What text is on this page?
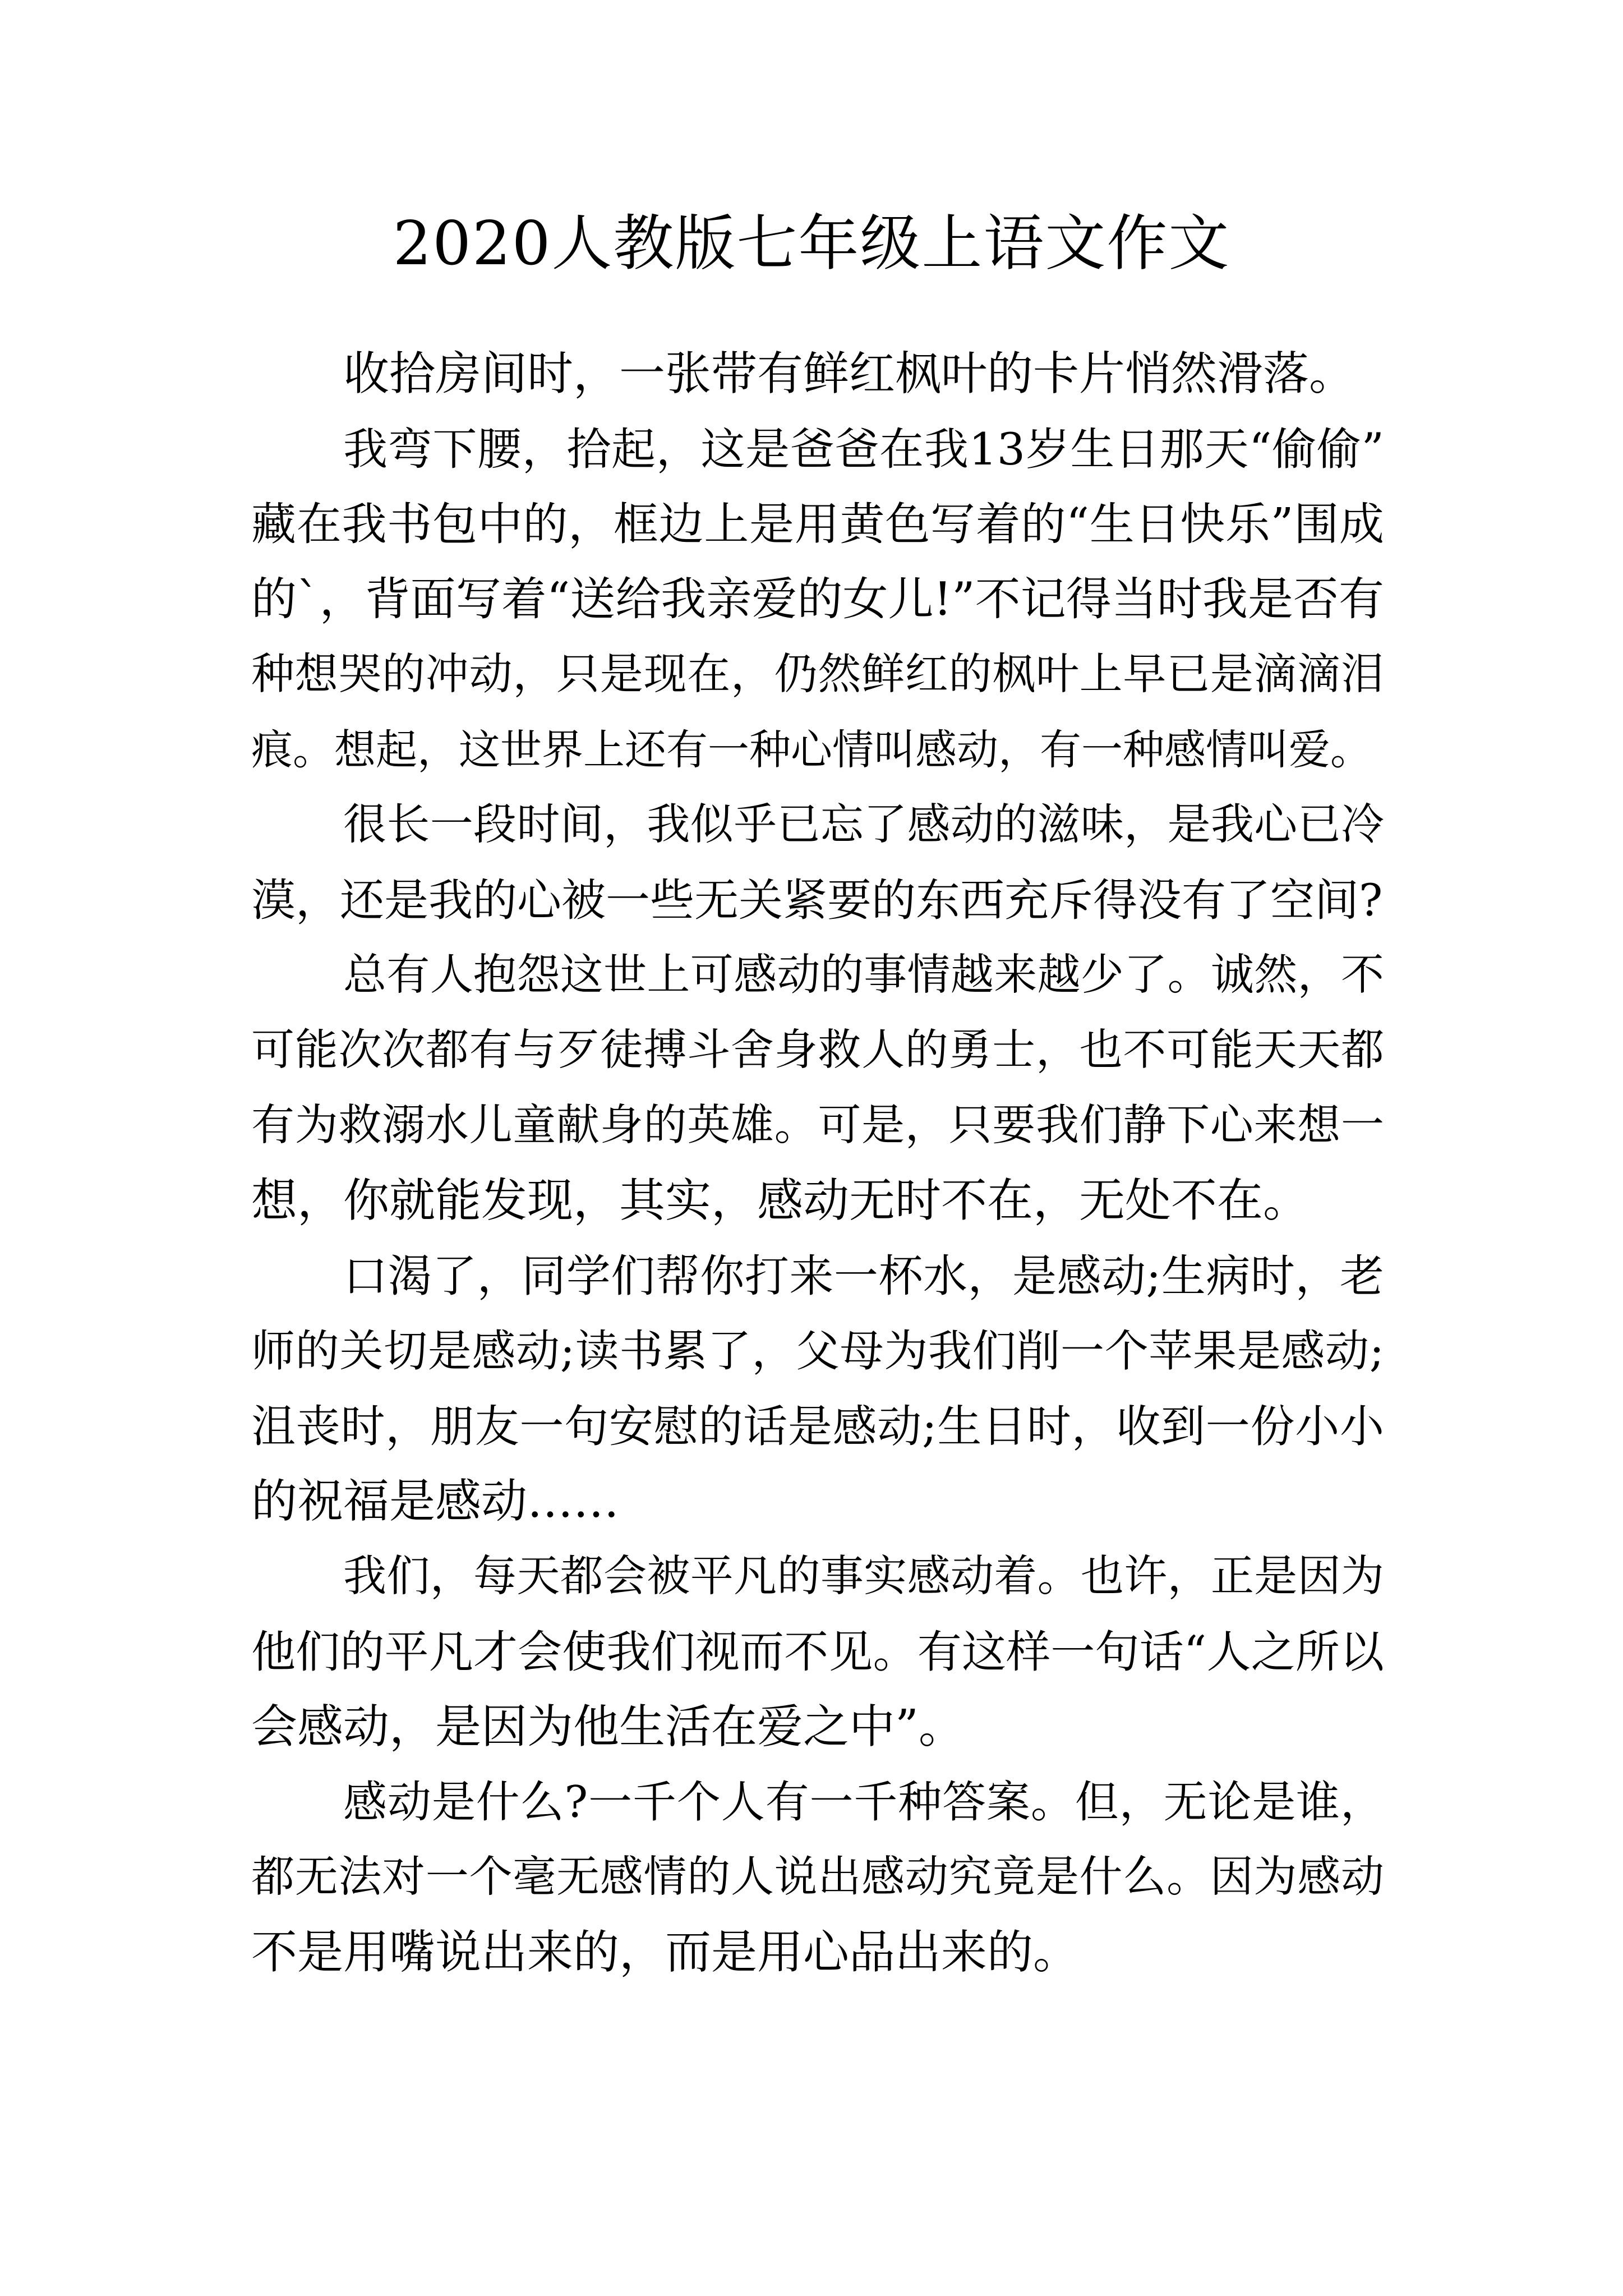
2020人教版七年级上语文作文
收拾房间时，一张带有鲜红枫叶的卡片悄然滑落。
我弯下腰，拾起，这是爸爸在我13岁生日那天“偷偷”
藏在我书包中的，框边上是用黄色写着的“生日快乐”围成
的`，背面写着“送给我亲爱的女儿!”不记得当时我是否有
种想哭的冲动，只是现在，仍然鲜红的枫叶上早已是滴滴泪
痕。想起，这世界上还有一种心情叫感动，有一种感情叫爱。
很长一段时间，我似乎已忘了感动的滋味，是我心已冷
漠，还是我的心被一些无关紧要的东西充斥得没有了空间?
总有人抱怨这世上可感动的事情越来越少了。诚然，不
可能次次都有与歹徒搏斗舍身救人的勇士，也不可能天天都
有为救溺水儿童献身的英雄。可是，只要我们静下心来想一
想，你就能发现，其实，感动无时不在，无处不在。
口渴了，同学们帮你打来一杯水，是感动;生病时，老
师的关切是感动;读书累了，父母为我们削一个苹果是感动;
沮丧时，朋友一句安慰的话是感动;生日时，收到一份小小
的祝福是感动……
我们，每天都会被平凡的事实感动着。也许，正是因为
他们的平凡才会使我们视而不见。有这样一句话“人之所以
会感动，是因为他生活在爱之中”。
感动是什么?一千个人有一千种答案。但，无论是谁，
都无法对一个毫无感情的人说出感动究竟是什么。因为感动
不是用嘴说出来的，而是用心品出来的。
